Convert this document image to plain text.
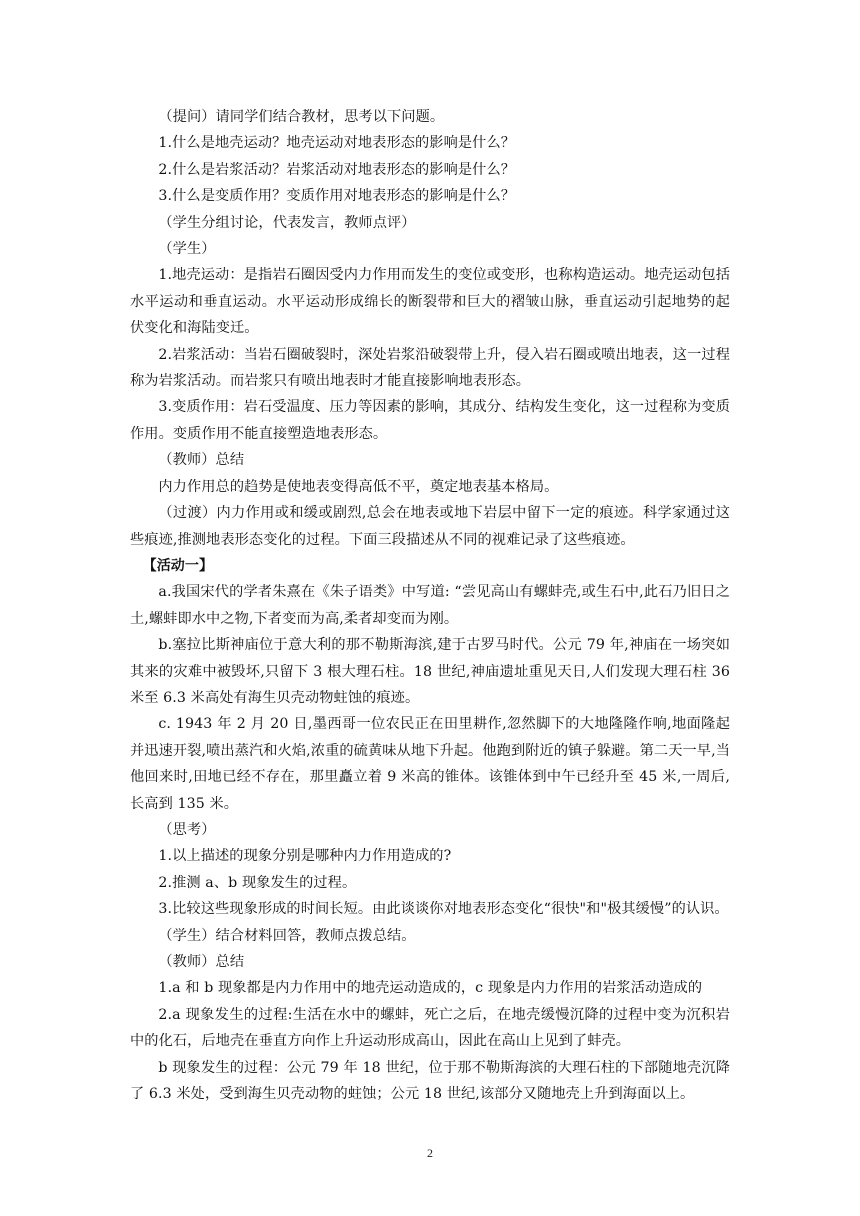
（提问）请同学们结合教材，思考以下问题。

1.什么是地壳运动？地壳运动对地表形态的影响是什么？

2.什么是岩浆活动？岩浆活动对地表形态的影响是什么？

3.什么是变质作用？变质作用对地表形态的影响是什么？

（学生分组讨论，代表发言，教师点评）

（学生）

1.地壳运动：是指岩石圈因受内力作用而发生的变位或变形，也称构造运动。地壳运动包括水平运动和垂直运动。水平运动形成绵长的断裂带和巨大的褶皱山脉，垂直运动引起地势的起伏变化和海陆变迁。

2.岩浆活动：当岩石圈破裂时，深处岩浆沿破裂带上升，侵入岩石圈或喷出地表，这一过程称为岩浆活动。而岩浆只有喷出地表时才能直接影响地表形态。

3.变质作用：岩石受温度、压力等因素的影响，其成分、结构发生变化，这一过程称为变质作用。变质作用不能直接塑造地表形态。

（教师）总结

内力作用总的趋势是使地表变得高低不平，奠定地表基本格局。

（过渡）内力作用或和缓或剧烈,总会在地表或地下岩层中留下一定的痕迹。科学家通过这些痕迹,推测地表形态变化的过程。下面三段描述从不同的视难记录了这些痕迹。

【活动一】

a.我国宋代的学者朱熹在《朱子语类》中写道: “尝见高山有螺蚌壳,或生石中,此石乃旧日之土,螺蚌即水中之物,下者变而为高,柔者却变而为刚。

b.塞拉比斯神庙位于意大利的那不勒斯海滨,建于古罗马时代。公元 79 年,神庙在一场突如其来的灾难中被毁坏,只留下 3 根大理石柱。18 世纪,神庙遗址重见天日,人们发现大理石柱 36 米至 6.3 米高处有海生贝壳动物蛀蚀的痕迹。

c. 1943 年 2 月 20 日,墨西哥一位农民正在田里耕作,忽然脚下的大地隆隆作响,地面隆起并迅速开裂,喷出蒸汽和火焰,浓重的硫黄味从地下升起。他跑到附近的镇子躲避。第二天一早,当他回来时,田地已经不存在，那里矗立着 9 米高的锥体。该锥体到中午已经升至 45 米,一周后,长高到 135 米。

（思考）

1.以上描述的现象分别是哪种内力作用造成的?

2.推测 a、b 现象发生的过程。

3.比较这些现象形成的时间长短。由此谈谈你对地表形态变化“很快"和"极其缓慢”的认识。

（学生）结合材料回答，教师点拨总结。

（教师）总结

1.a 和 b 现象都是内力作用中的地壳运动造成的，c 现象是内力作用的岩浆活动造成的

2.a 现象发生的过程:生活在水中的螺蚌，死亡之后，在地壳缓慢沉降的过程中变为沉积岩中的化石，后地壳在垂直方向作上升运动形成高山，因此在高山上见到了蚌壳。

b 现象发生的过程：公元 79 年 18 世纪，位于那不勒斯海滨的大理石柱的下部随地壳沉降了 6.3 米处，受到海生贝壳动物的蛀蚀；公元 18 世纪,该部分又随地壳上升到海面以上。

2
